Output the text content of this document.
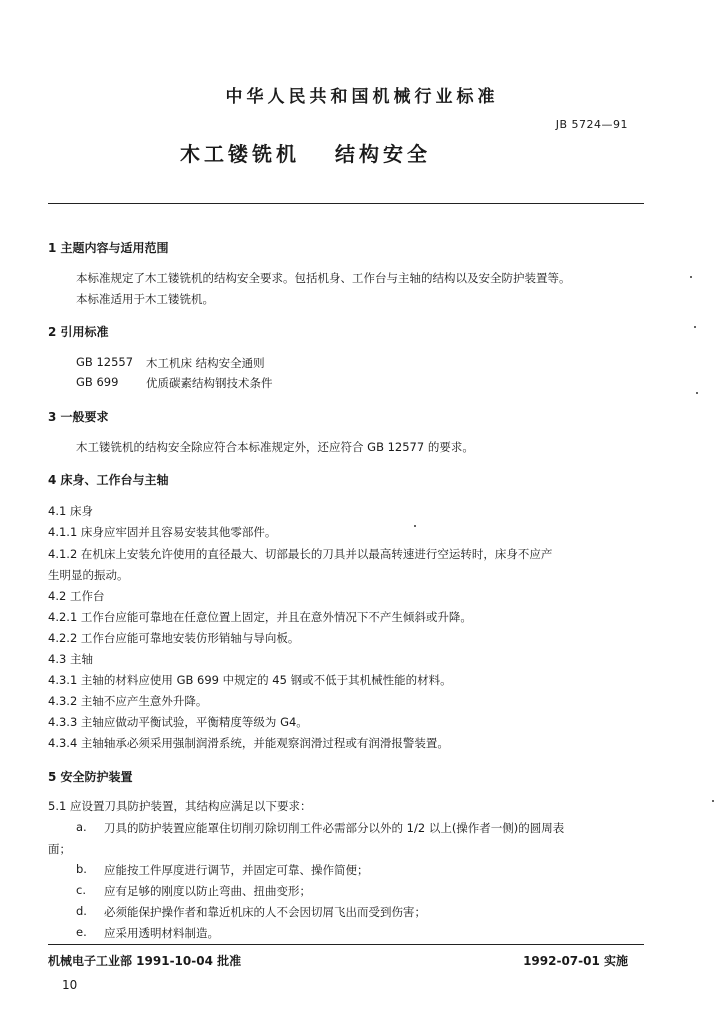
中华人民共和国机械行业标准
JB 5724—91
木工镂铣机 结构安全
1 主题内容与适用范围
本标准规定了木工镂铣机的结构安全要求。包括机身、工作台与主轴的结构以及安全防护装置等。
本标准适用于木工镂铣机。
2 引用标准
GB 12557 木工机床 结构安全通则
GB 699 优质碳素结构钢技术条件
3 一般要求
木工镂铣机的结构安全除应符合本标准规定外，还应符合 GB 12577 的要求。
4 床身、工作台与主轴
4.1 床身
4.1.1 床身应牢固并且容易安装其他零部件。
4.1.2 在机床上安装允许使用的直径最大、切部最长的刀具并以最高转速进行空运转时，床身不应产
生明显的振动。
4.2 工作台
4.2.1 工作台应能可靠地在任意位置上固定，并且在意外情况下不产生倾斜或升降。
4.2.2 工作台应能可靠地安装仿形销轴与导向板。
4.3 主轴
4.3.1 主轴的材料应使用 GB 699 中规定的 45 钢或不低于其机械性能的材料。
4.3.2 主轴不应产生意外升降。
4.3.3 主轴应做动平衡试验，平衡精度等级为 G4。
4.3.4 主轴轴承必须采用强制润滑系统，并能观察润滑过程或有润滑报警装置。
5 安全防护装置
5.1 应设置刀具防护装置，其结构应满足以下要求：
a. 刀具的防护装置应能罩住切削刃除切削工件必需部分以外的 1/2 以上(操作者一侧)的圆周表
面；
b. 应能按工件厚度进行调节，并固定可靠、操作简便；
c. 应有足够的刚度以防止弯曲、扭曲变形；
d. 必须能保护操作者和靠近机床的人不会因切屑飞出而受到伤害；
e. 应采用透明材料制造。
机械电子工业部 1991-10-04 批准	1992-07-01 实施
10
